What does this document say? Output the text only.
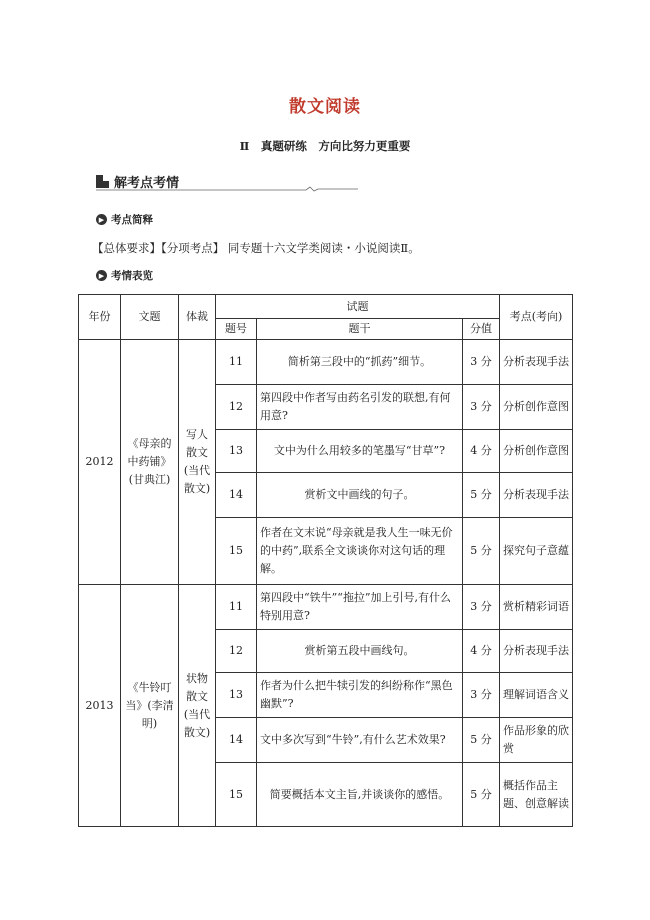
散文阅读
Ⅱ　真题研练　方向比努力更重要
解考点考情
▶ 考点简释
【总体要求】【分项考点】 同专题十六文学类阅读・小说阅读Ⅱ。
▶ 考情表览
年份	文题	体裁	试题			考点(考向)
			题号	题干	分值	
2012	《母亲的中药铺》(甘典江)	写人散文(当代散文)	11	简析第三段中的“抓药”细节。	3 分	分析表现手法
			12	第四段中作者写由药名引发的联想,有何用意?	3 分	分析创作意图
			13	文中为什么用较多的笔墨写“甘草”?	4 分	分析创作意图
			14	赏析文中画线的句子。	5 分	分析表现手法
			15	作者在文末说“母亲就是我人生一味无价的中药”,联系全文谈谈你对这句话的理解。	5 分	探究句子意蕴
2013	《牛铃叮当》(李清明)	状物散文(当代散文)	11	第四段中“铁牛”“拖拉”加上引号,有什么特别用意?	3 分	赏析精彩词语
			12	赏析第五段中画线句。	4 分	分析表现手法
			13	作者为什么把牛犊引发的纠纷称作“黑色幽默”?	3 分	理解词语含义
			14	文中多次写到“牛铃”,有什么艺术效果?	5 分	作品形象的欣赏
			15	简要概括本文主旨,并谈谈你的感悟。	5 分	概括作品主题、创意解读
